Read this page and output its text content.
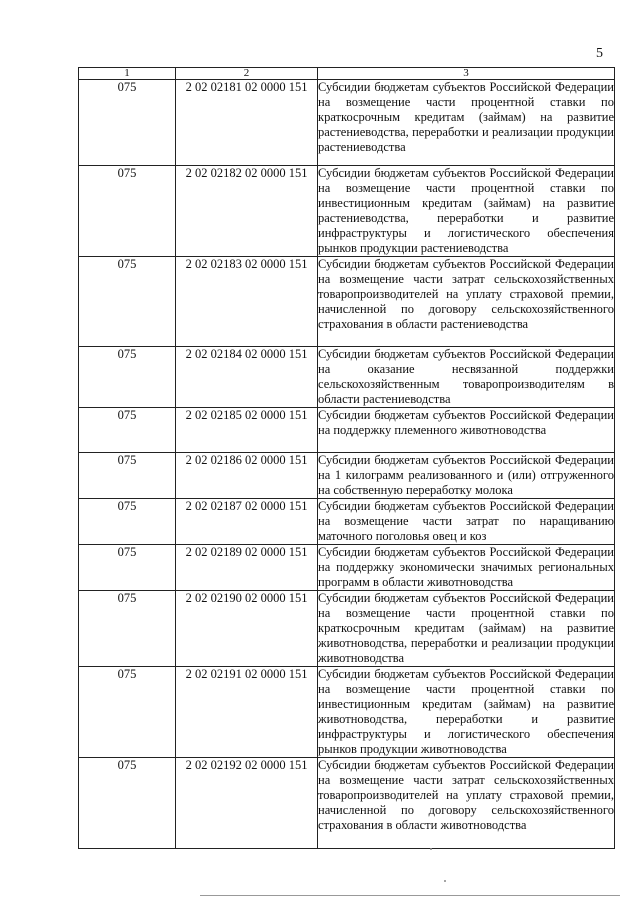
5
1	2	3
075	2 02 02181 02 0000 151	Субсидии бюджетам субъектов Российской Федерации на возмещение части процентной ставки по краткосрочным кредитам (займам) на развитие растениеводства, переработки и реализации продукции растениеводства
075	2 02 02182 02 0000 151	Субсидии бюджетам субъектов Российской Федерации на возмещение части процентной ставки по инвестиционным кредитам (займам) на развитие растениеводства, переработки и развитие инфраструктуры и логистического обеспечения рынков продукции растениеводства
075	2 02 02183 02 0000 151	Субсидии бюджетам субъектов Российской Федерации на возмещение части затрат сельскохозяйственных товаропроизводителей на уплату страховой премии, начисленной по договору сельскохозяйственного страхования в области растениеводства
075	2 02 02184 02 0000 151	Субсидии бюджетам субъектов Российской Федерации на оказание несвязанной поддержки сельскохозяйственным товаропроизводителям в области растениеводства
075	2 02 02185 02 0000 151	Субсидии бюджетам субъектов Российской Федерации на поддержку племенного животноводства
075	2 02 02186 02 0000 151	Субсидии бюджетам субъектов Российской Федерации на 1 килограмм реализованного и (или) отгруженного на собственную переработку молока
075	2 02 02187 02 0000 151	Субсидии бюджетам субъектов Российской Федерации на возмещение части затрат по наращиванию маточного поголовья овец и коз
075	2 02 02189 02 0000 151	Субсидии бюджетам субъектов Российской Федерации на поддержку экономически значимых региональных программ в области животноводства
075	2 02 02190 02 0000 151	Субсидии бюджетам субъектов Российской Федерации на возмещение части процентной ставки по краткосрочным кредитам (займам) на развитие животноводства, переработки и реализации продукции животноводства
075	2 02 02191 02 0000 151	Субсидии бюджетам субъектов Российской Федерации на возмещение части процентной ставки по инвестиционным кредитам (займам) на развитие животноводства, переработки и развитие инфраструктуры и логистического обеспечения рынков продукции животноводства
075	2 02 02192 02 0000 151	Субсидии бюджетам субъектов Российской Федерации на возмещение части затрат сельскохозяйственных товаропроизводителей на уплату страховой премии, начисленной по договору сельскохозяйственного страхования в области животноводства
